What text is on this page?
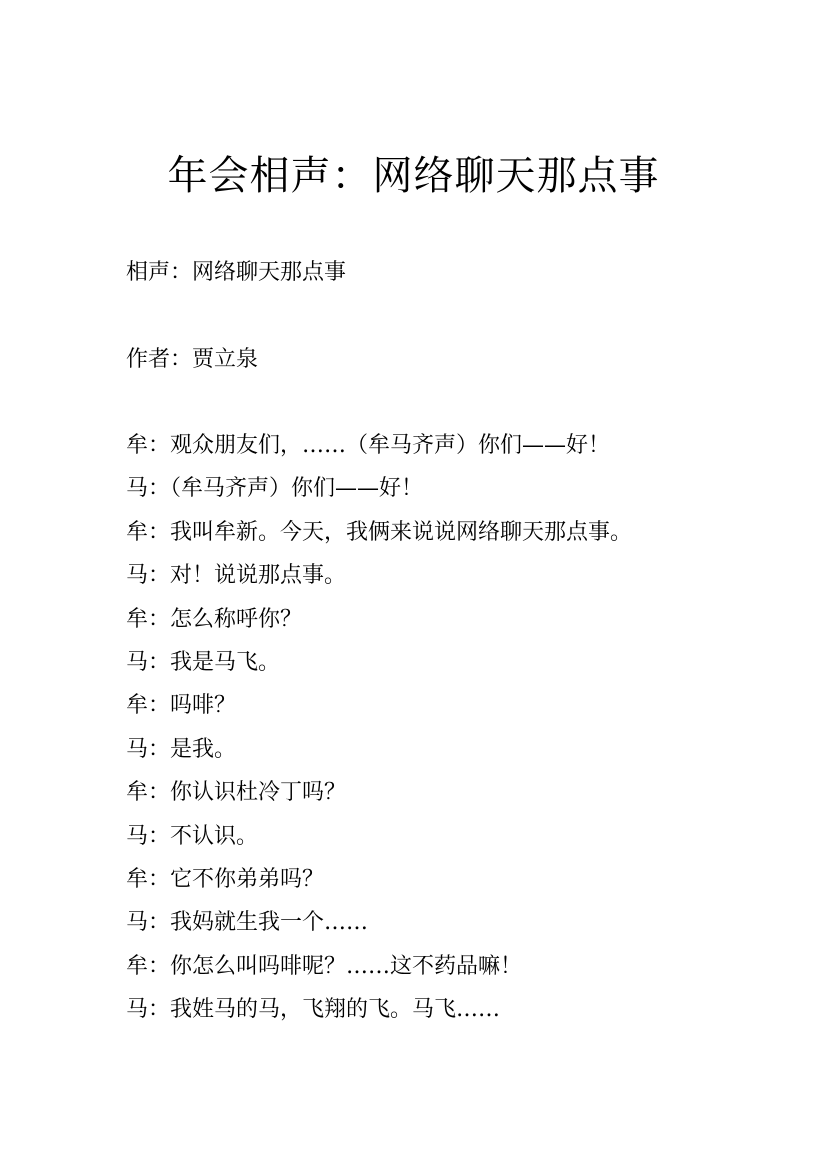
年会相声：网络聊天那点事
相声：网络聊天那点事
作者：贾立泉
牟：观众朋友们，……（牟马齐声）你们——好！
马：（牟马齐声）你们——好！
牟：我叫牟新。今天，我俩来说说网络聊天那点事。
马：对！说说那点事。
牟：怎么称呼你？
马：我是马飞。
牟：吗啡？
马：是我。
牟：你认识杜冷丁吗？
马：不认识。
牟：它不你弟弟吗？
马：我妈就生我一个……
牟：你怎么叫吗啡呢？……这不药品嘛！
马：我姓马的马，飞翔的飞。马飞……
